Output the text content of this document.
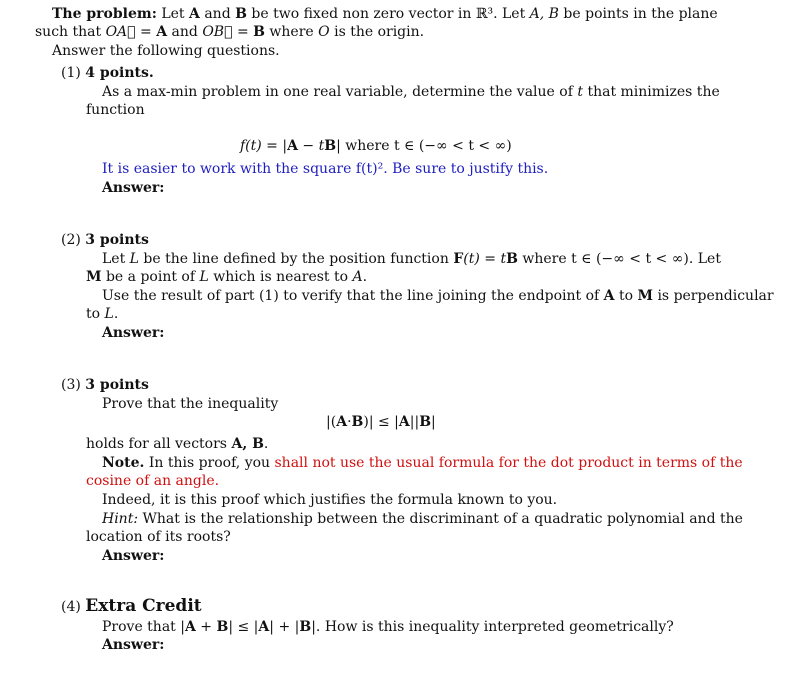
The problem: Let A and B be two fixed non zero vector in ℝ³. Let A, B be points in the plane
such that OA⃗ = A and OB⃗ = B where O is the origin.
Answer the following questions.
(1) 4 points.
As a max-min problem in one real variable, determine the value of t that minimizes the
function
f(t) = |A − tB| where t ∈ (−∞ < t < ∞)
It is easier to work with the square f(t)². Be sure to justify this.
Answer:
(2) 3 points
Let L be the line defined by the position function F(t) = tB where t ∈ (−∞ < t < ∞). Let
M be a point of L which is nearest to A.
Use the result of part (1) to verify that the line joining the endpoint of A to M is perpendicular
to L.
Answer:
(3) 3 points
Prove that the inequality
|(A·B)| ≤ |A||B|
holds for all vectors A, B.
Note. In this proof, you shall not use the usual formula for the dot product in terms of the
cosine of an angle.
Indeed, it is this proof which justifies the formula known to you.
Hint: What is the relationship between the discriminant of a quadratic polynomial and the
location of its roots?
Answer:
(4) Extra Credit
Prove that |A + B| ≤ |A| + |B|. How is this inequality interpreted geometrically?
Answer:
